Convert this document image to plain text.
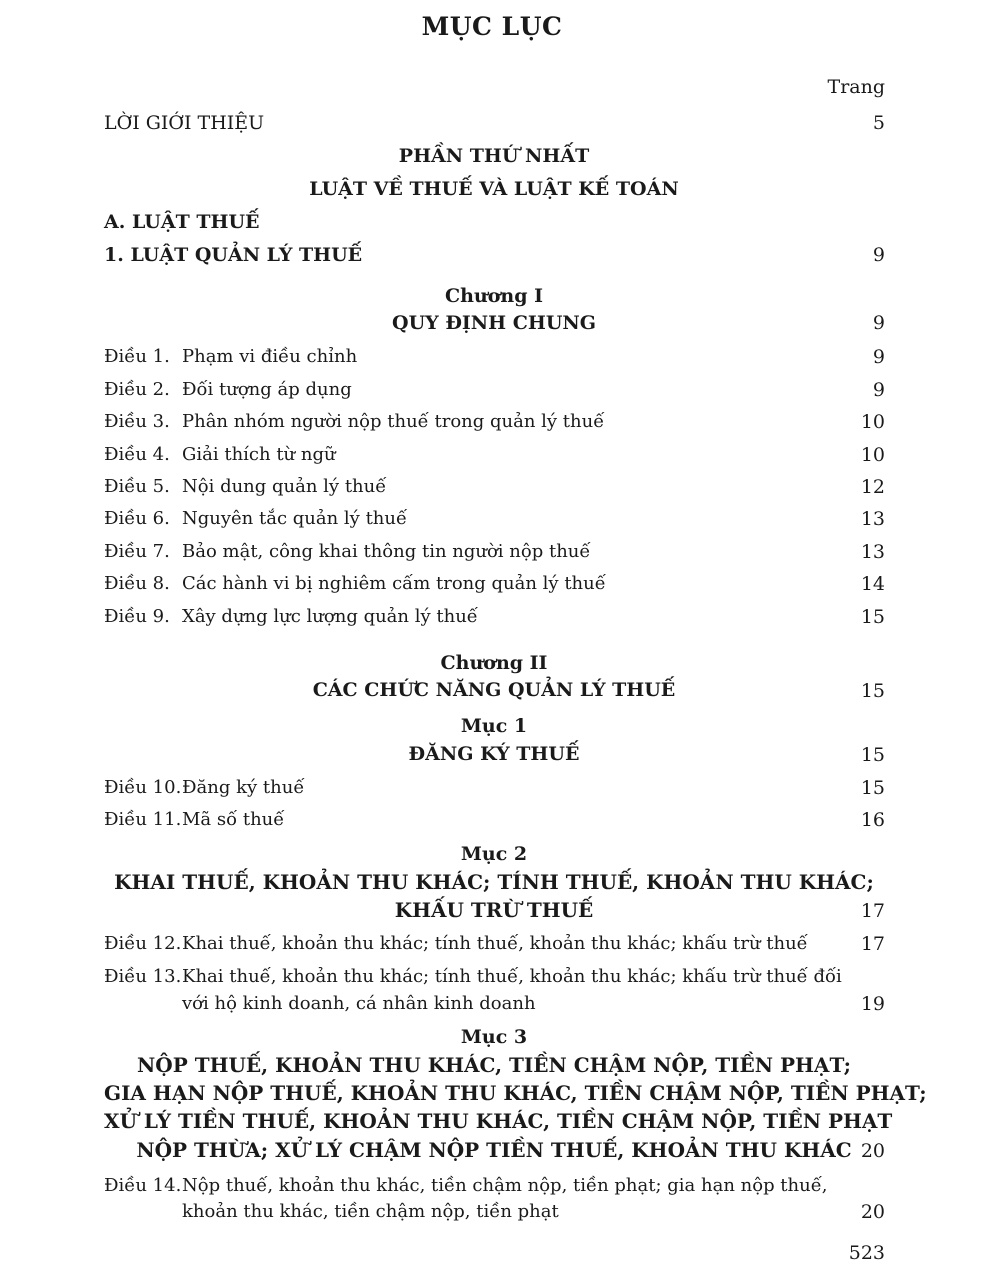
MỤC LỤC
Trang
LỜI GIỚI THIỆU	5
PHẦN THỨ NHẤT
LUẬT VỀ THUẾ VÀ LUẬT KẾ TOÁN
A. LUẬT THUẾ
1. LUẬT QUẢN LÝ THUẾ	9
Chương I
QUY ĐỊNH CHUNG	9
Điều 1. Phạm vi điều chỉnh	9
Điều 2. Đối tượng áp dụng	9
Điều 3. Phân nhóm người nộp thuế trong quản lý thuế	10
Điều 4. Giải thích từ ngữ	10
Điều 5. Nội dung quản lý thuế	12
Điều 6. Nguyên tắc quản lý thuế	13
Điều 7. Bảo mật, công khai thông tin người nộp thuế	13
Điều 8. Các hành vi bị nghiêm cấm trong quản lý thuế	14
Điều 9. Xây dựng lực lượng quản lý thuế	15
Chương II
CÁC CHỨC NĂNG QUẢN LÝ THUẾ	15
Mục 1
ĐĂNG KÝ THUẾ	15
Điều 10. Đăng ký thuế	15
Điều 11. Mã số thuế	16
Mục 2
KHAI THUẾ, KHOẢN THU KHÁC; TÍNH THUẾ, KHOẢN THU KHÁC;
KHẤU TRỪ THUẾ	17
Điều 12. Khai thuế, khoản thu khác; tính thuế, khoản thu khác; khấu trừ thuế	17
Điều 13. Khai thuế, khoản thu khác; tính thuế, khoản thu khác; khấu trừ thuế đối
với hộ kinh doanh, cá nhân kinh doanh	19
Mục 3
NỘP THUẾ, KHOẢN THU KHÁC, TIỀN CHẬM NỘP, TIỀN PHẠT;
GIA HẠN NỘP THUẾ, KHOẢN THU KHÁC, TIỀN CHẬM NỘP, TIỀN PHẠT;
XỬ LÝ TIỀN THUẾ, KHOẢN THU KHÁC, TIỀN CHẬM NỘP, TIỀN PHẠT
NỘP THỪA; XỬ LÝ CHẬM NỘP TIỀN THUẾ, KHOẢN THU KHÁC 20
Điều 14. Nộp thuế, khoản thu khác, tiền chậm nộp, tiền phạt; gia hạn nộp thuế,
khoản thu khác, tiền chậm nộp, tiền phạt	20
523
